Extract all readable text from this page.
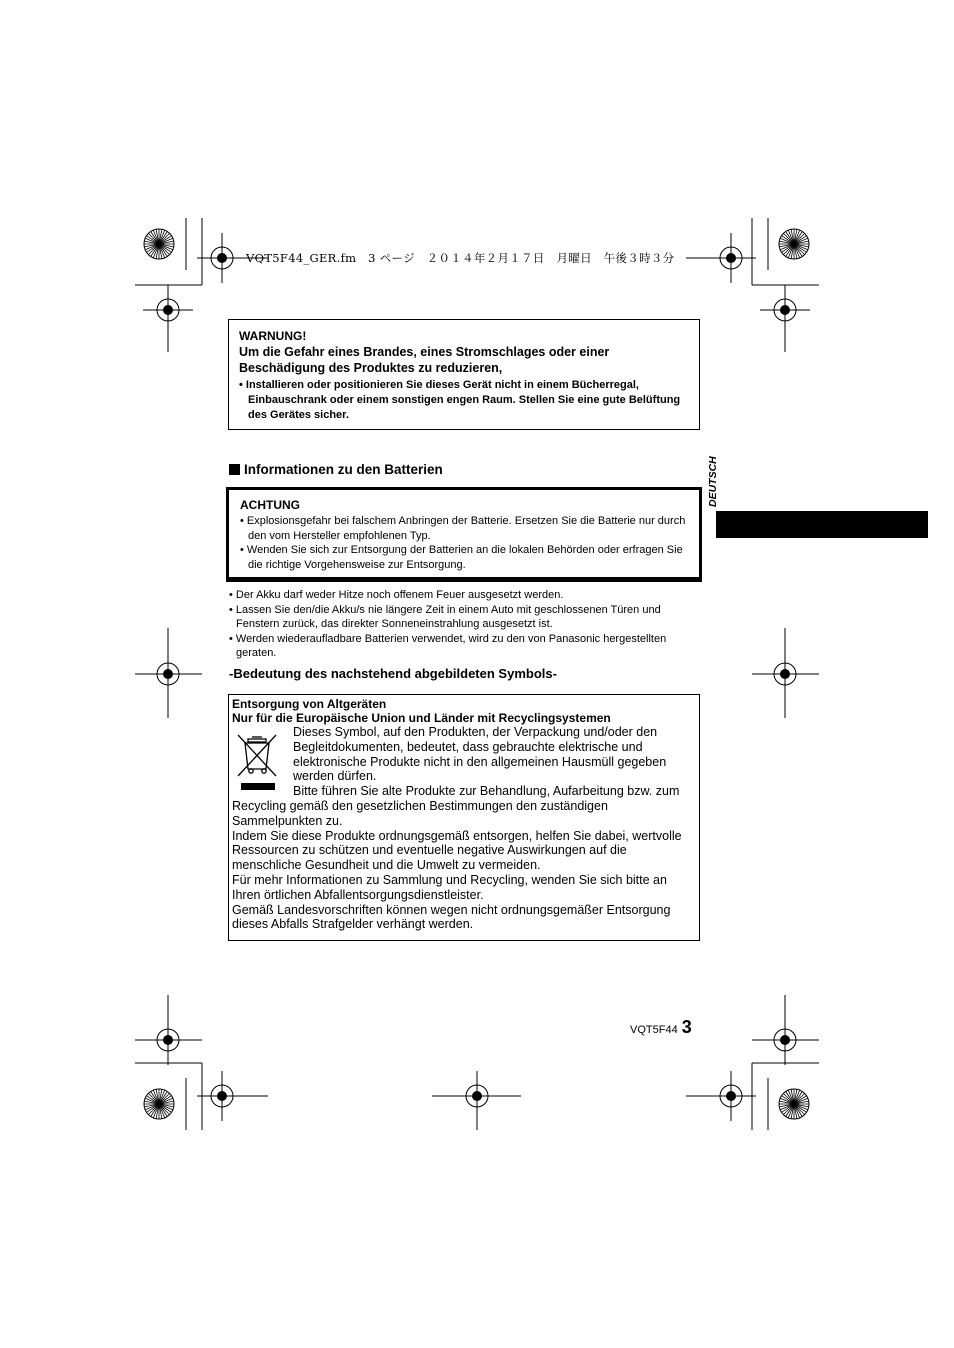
VQT5F44_GER.fm　3 ページ　２０１４年２月１７日　月曜日　午後３時３分
WARNUNG!
Um die Gefahr eines Brandes, eines Stromschlages oder einer Beschädigung des Produktes zu reduzieren,
• Installieren oder positionieren Sie dieses Gerät nicht in einem Bücherregal, Einbauschrank oder einem sonstigen engen Raum. Stellen Sie eine gute Belüftung des Gerätes sicher.
Informationen zu den Batterien
ACHTUNG
• Explosionsgefahr bei falschem Anbringen der Batterie. Ersetzen Sie die Batterie nur durch den vom Hersteller empfohlenen Typ.
• Wenden Sie sich zur Entsorgung der Batterien an die lokalen Behörden oder erfragen Sie die richtige Vorgehensweise zur Entsorgung.
• Der Akku darf weder Hitze noch offenem Feuer ausgesetzt werden.
• Lassen Sie den/die Akku/s nie längere Zeit in einem Auto mit geschlossenen Türen und Fenstern zurück, das direkter Sonneneinstrahlung ausgesetzt ist.
• Werden wiederaufladbare Batterien verwendet, wird zu den von Panasonic hergestellten geraten.
-Bedeutung des nachstehend abgebildeten Symbols-
Entsorgung von Altgeräten
Nur für die Europäische Union und Länder mit Recyclingsystemen
Dieses Symbol, auf den Produkten, der Verpackung und/oder den Begleitdokumenten, bedeutet, dass gebrauchte elektrische und elektronische Produkte nicht in den allgemeinen Hausmüll gegeben werden dürfen.
Bitte führen Sie alte Produkte zur Behandlung, Aufarbeitung bzw. zum Recycling gemäß den gesetzlichen Bestimmungen den zuständigen Sammelpunkten zu.
Indem Sie diese Produkte ordnungsgemäß entsorgen, helfen Sie dabei, wertvolle Ressourcen zu schützen und eventuelle negative Auswirkungen auf die menschliche Gesundheit und die Umwelt zu vermeiden.
Für mehr Informationen zu Sammlung und Recycling, wenden Sie sich bitte an Ihren örtlichen Abfallentsorgungsdienstleister.
Gemäß Landesvorschriften können wegen nicht ordnungsgemäßer Entsorgung dieses Abfalls Strafgelder verhängt werden.
DEUTSCH
VQT5F44 3
